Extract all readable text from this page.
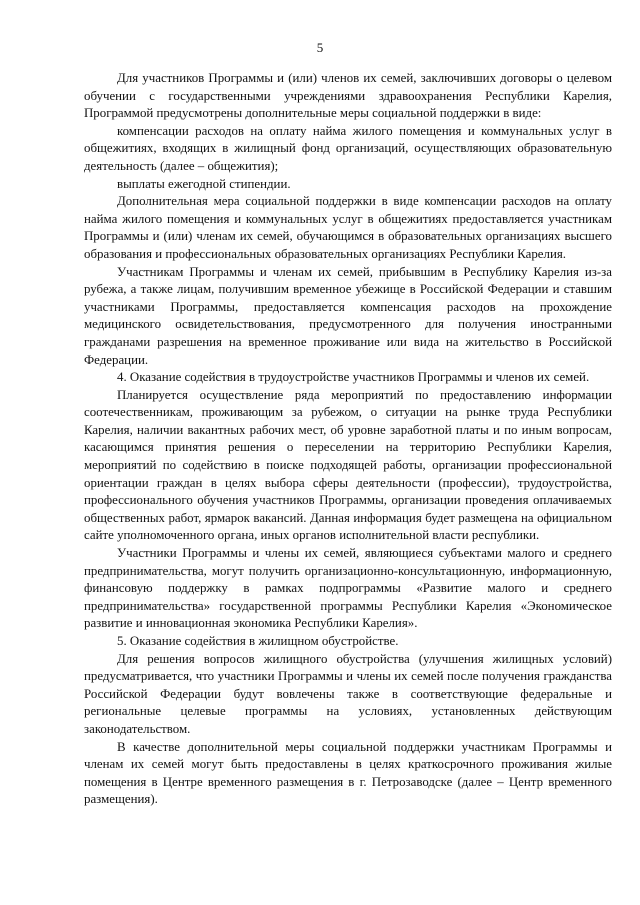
5

Для участников Программы и (или) членов их семей, заключивших договоры о целевом обучении с государственными учреждениями здравоохранения Республики Карелия, Программой предусмотрены дополнительные меры социальной поддержки в виде:

компенсации расходов на оплату найма жилого помещения и коммунальных услуг в общежитиях, входящих в жилищный фонд организаций, осуществляющих образовательную деятельность (далее – общежития);

выплаты ежегодной стипендии.

Дополнительная мера социальной поддержки в виде компенсации расходов на оплату найма жилого помещения и коммунальных услуг в общежитиях предоставляется участникам Программы и (или) членам их семей, обучающимся в образовательных организациях высшего образования и профессиональных образовательных организациях Республики Карелия.

Участникам Программы и членам их семей, прибывшим в Республику Карелия из-за рубежа, а также лицам, получившим временное убежище в Российской Федерации и ставшим участниками Программы, предоставляется компенсация расходов на прохождение медицинского освидетельствования, предусмотренного для получения иностранными гражданами разрешения на временное проживание или вида на жительство в Российской Федерации.

4. Оказание содействия в трудоустройстве участников Программы и членов их семей.

Планируется осуществление ряда мероприятий по предоставлению информации соотечественникам, проживающим за рубежом, о ситуации на рынке труда Республики Карелия, наличии вакантных рабочих мест, об уровне заработной платы и по иным вопросам, касающимся принятия решения о переселении на территорию Республики Карелия, мероприятий по содействию в поиске подходящей работы, организации профессиональной ориентации граждан в целях выбора сферы деятельности (профессии), трудоустройства, профессионального обучения участников Программы, организации проведения оплачиваемых общественных работ, ярмарок вакансий. Данная информация будет размещена на официальном сайте уполномоченного органа, иных органов исполнительной власти республики.

Участники Программы и члены их семей, являющиеся субъектами малого и среднего предпринимательства, могут получить организационно-консультационную, информационную, финансовую поддержку в рамках подпрограммы «Развитие малого и среднего предпринимательства» государственной программы Республики Карелия «Экономическое развитие и инновационная экономика Республики Карелия».

5. Оказание содействия в жилищном обустройстве.

Для решения вопросов жилищного обустройства (улучшения жилищных условий) предусматривается, что участники Программы и члены их семей после получения гражданства Российской Федерации будут вовлечены также в соответствующие федеральные и региональные целевые программы на условиях, установленных действующим законодательством.

В качестве дополнительной меры социальной поддержки участникам Программы и членам их семей могут быть предоставлены в целях краткосрочного проживания жилые помещения в Центре временного размещения в г. Петрозаводске (далее – Центр временного размещения).
